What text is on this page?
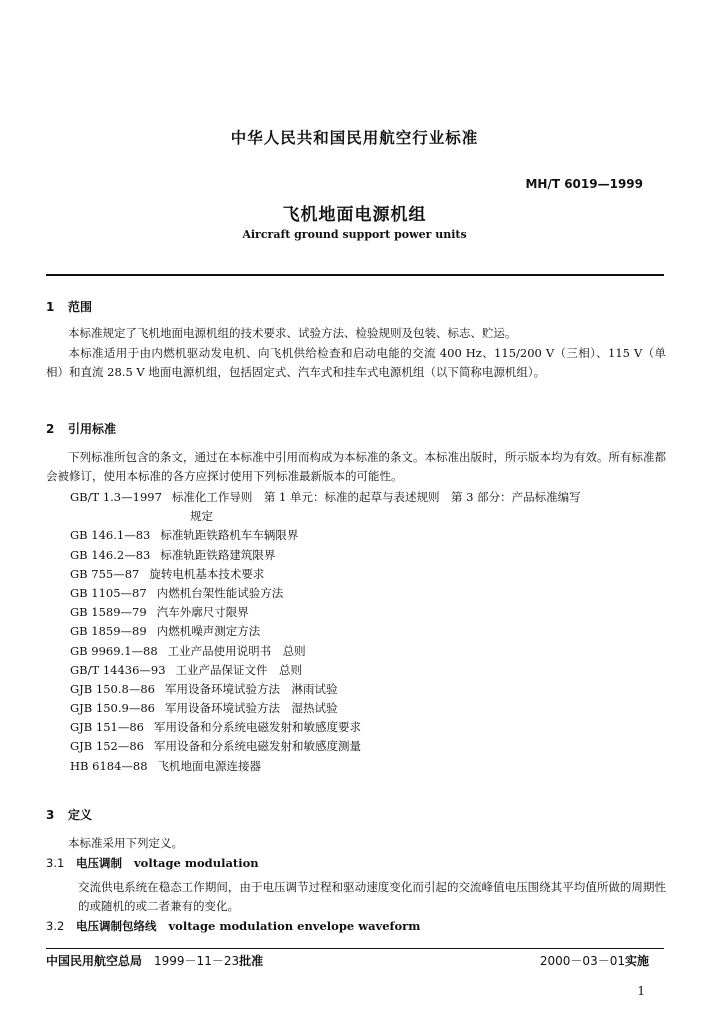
中华人民共和国民用航空行业标准
MH/T 6019—1999
飞机地面电源机组
Aircraft ground support power units
1 范围
本标准规定了飞机地面电源机组的技术要求、试验方法、检验规则及包装、标志、贮运。
本标准适用于由内燃机驱动发电机、向飞机供给检查和启动电能的交流 400 Hz、115/200 V（三相）、115 V（单相）和直流 28.5 V 地面电源机组，包括固定式、汽车式和挂车式电源机组（以下简称电源机组）。
2 引用标准
下列标准所包含的条文，通过在本标准中引用而构成为本标准的条文。本标准出版时，所示版本均为有效。所有标准都会被修订，使用本标准的各方应探讨使用下列标准最新版本的可能性。
GB/T 1.3—1997 标准化工作导则　第 1 单元：标准的起草与表述规则　第 3 部分：产品标准编写
规定
GB 146.1—83 标准轨距铁路机车车辆限界
GB 146.2—83 标准轨距铁路建筑限界
GB 755—87 旋转电机基本技术要求
GB 1105—87 内燃机台架性能试验方法
GB 1589—79 汽车外廓尺寸限界
GB 1859—89 内燃机噪声测定方法
GB 9969.1—88 工业产品使用说明书　总则
GB/T 14436—93 工业产品保证文件　总则
GJB 150.8—86 军用设备环境试验方法　淋雨试验
GJB 150.9—86 军用设备环境试验方法　湿热试验
GJB 151—86 军用设备和分系统电磁发射和敏感度要求
GJB 152—86 军用设备和分系统电磁发射和敏感度测量
HB 6184—88 飞机地面电源连接器
3 定义
本标准采用下列定义。
3.1 电压调制 voltage modulation
交流供电系统在稳态工作期间，由于电压调节过程和驱动速度变化而引起的交流峰值电压围绕其平均值所做的周期性的或随机的或二者兼有的变化。
3.2 电压调制包络线 voltage modulation envelope waveform
中国民用航空总局 1999－11－23批准	2000－03－01实施
1
